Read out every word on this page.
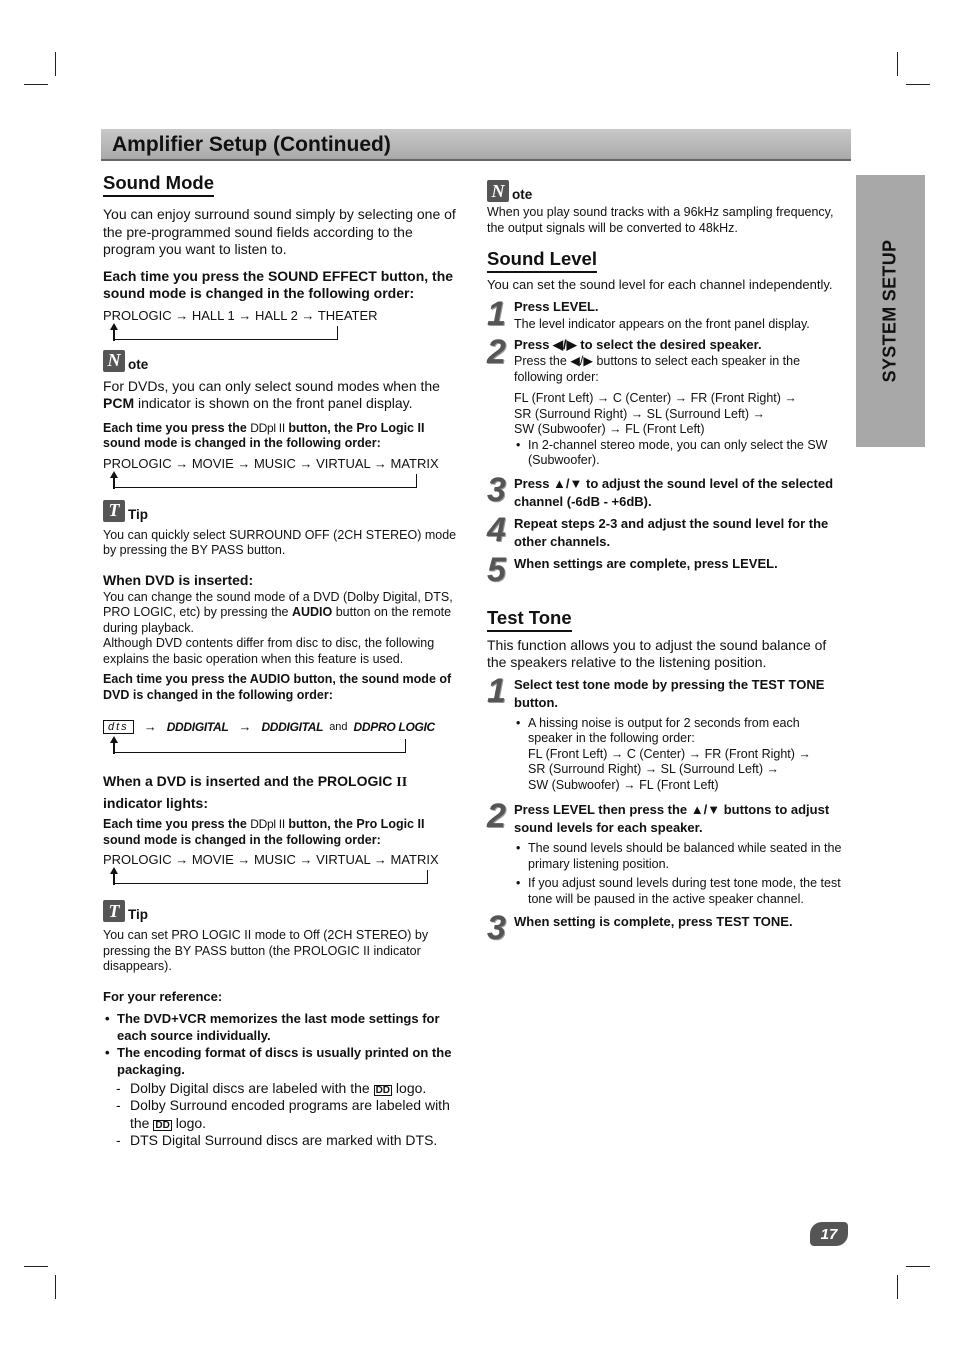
Amplifier Setup (Continued)
SYSTEM SETUP
Sound Mode

You can enjoy surround sound simply by selecting one of the pre-programmed sound fields according to the program you want to listen to.

Each time you press the SOUND EFFECT button, the sound mode is changed in the following order:

PROLOGIC → HALL 1 → HALL 2 → THEATER
N ote

For DVDs, you can only select sound modes when the PCM indicator is shown on the front panel display.

Each time you press the DDpl II button, the Pro Logic II sound mode is changed in the following order:

PROLOGIC → MOVIE → MUSIC → VIRTUAL → MATRIX
T Tip

You can quickly select SURROUND OFF (2CH STEREO) mode by pressing the BY PASS button.

When DVD is inserted:

You can change the sound mode of a DVD (Dolby Digital, DTS, PRO LOGIC, etc) by pressing the AUDIO button on the remote during playback.

Although DVD contents differ from disc to disc, the following explains the basic operation when this feature is used.

Each time you press the AUDIO button, the sound mode of DVD is changed in the following order:

dts	→ DDDIGITAL → DDDIGITAL and DDPRO LOGIC

When a DVD is inserted and the PROLOGIC II indicator lights:

Each time you press the DDpl II button, the Pro Logic II sound mode is changed in the following order:

PROLOGIC → MOVIE → MUSIC → VIRTUAL → MATRIX
T Tip

You can set PRO LOGIC II mode to Off (2CH STEREO) by pressing the BY PASS button (the PROLOGIC II indicator disappears).

For your reference:

• The DVD+VCR memorizes the last mode settings for each source individually.
• The encoding format of discs is usually printed on the packaging.
- Dolby Digital discs are labeled with the DD logo.
- Dolby Surround encoded programs are labeled with the DD logo.
- DTS Digital Surround discs are marked with DTS.
N ote

When you play sound tracks with a 96kHz sampling frequency, the output signals will be converted to 48kHz.

Sound Level

You can set the sound level for each channel independently.

1 Press LEVEL.

The level indicator appears on the front panel display.

2 Press ◀/▶ to select the desired speaker.

Press the ◀/▶ buttons to select each speaker in the following order:

FL (Front Left) → C (Center) → FR (Front Right) →

SR (Surround Right) → SL (Surround Left) →

SW (Subwoofer) → FL (Front Left)

• In 2-channel stereo mode, you can only select the SW (Subwoofer).
3 Press ▲/▼ to adjust the sound level of the selected channel (-6dB - +6dB).

4 Repeat steps 2-3 and adjust the sound level for the other channels.

5 When settings are complete, press LEVEL.

Test Tone

This function allows you to adjust the sound balance of the speakers relative to the listening position.

1 Select test tone mode by pressing the TEST TONE button.

• A hissing noise is output for 2 seconds from each speaker in the following order:
FL (Front Left) → C (Center) → FR (Front Right) →
SR (Surround Right) → SL (Surround Left) →
SW (Subwoofer) → FL (Front Left)
2 Press LEVEL then press the ▲/▼ buttons to adjust sound levels for each speaker.

• The sound levels should be balanced while seated in the primary listening position.
• If you adjust sound levels during test tone mode, the test tone will be paused in the active speaker channel.
3 When setting is complete, press TEST TONE.

17
